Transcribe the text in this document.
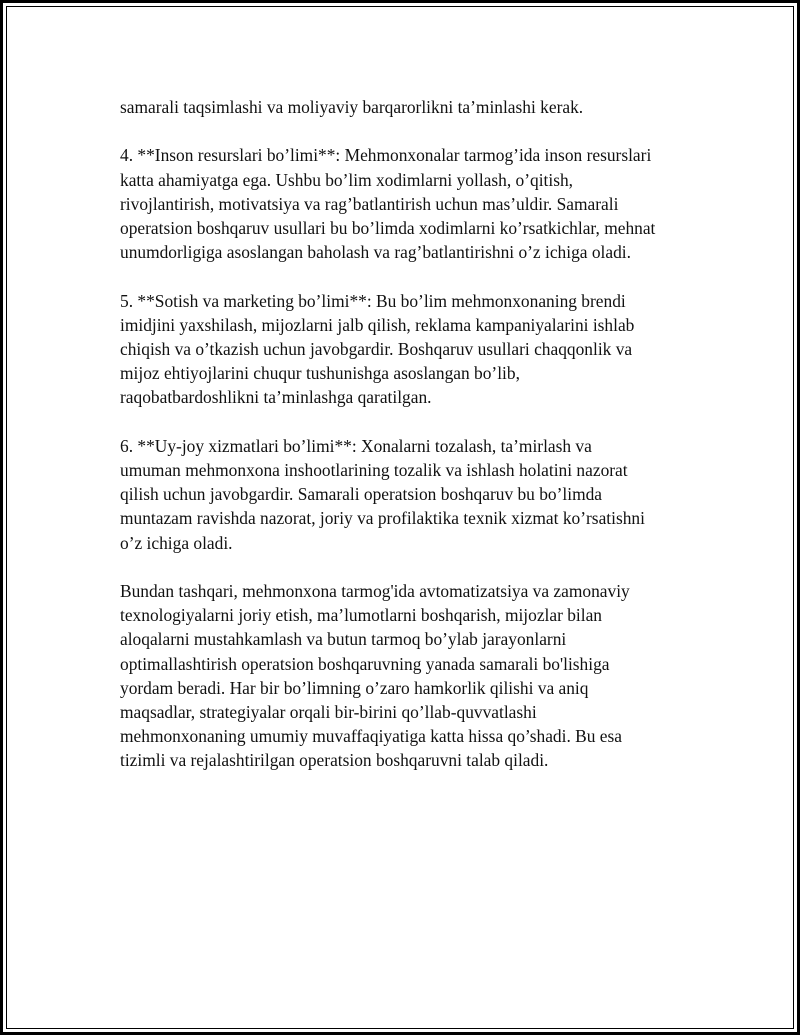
samarali taqsimlashi va moliyaviy barqarorlikni ta’minlashi kerak.

4. **Inson resurslari bo’limi**: Mehmonxonalar tarmog’ida inson resurslari
katta ahamiyatga ega. Ushbu bo’lim xodimlarni yollash, o’qitish,
rivojlantirish, motivatsiya va rag’batlantirish uchun mas’uldir. Samarali
operatsion boshqaruv usullari bu bo’limda xodimlarni ko’rsatkichlar, mehnat
unumdorligiga asoslangan baholash va rag’batlantirishni o’z ichiga oladi.

5. **Sotish va marketing bo’limi**: Bu bo’lim mehmonxonaning brendi
imidjini yaxshilash, mijozlarni jalb qilish, reklama kampaniyalarini ishlab
chiqish va o’tkazish uchun javobgardir. Boshqaruv usullari chaqqonlik va
mijoz ehtiyojlarini chuqur tushunishga asoslangan bo’lib,
raqobatbardoshlikni ta’minlashga qaratilgan.

6. **Uy-joy xizmatlari bo’limi**: Xonalarni tozalash, ta’mirlash va
umuman mehmonxona inshootlarining tozalik va ishlash holatini nazorat
qilish uchun javobgardir. Samarali operatsion boshqaruv bu bo’limda
muntazam ravishda nazorat, joriy va profilaktika texnik xizmat ko’rsatishni
o’z ichiga oladi.

Bundan tashqari, mehmonxona tarmog'ida avtomatizatsiya va zamonaviy
texnologiyalarni joriy etish, ma’lumotlarni boshqarish, mijozlar bilan
aloqalarni mustahkamlash va butun tarmoq bo’ylab jarayonlarni
optimallashtirish operatsion boshqaruvning yanada samarali bo'lishiga
yordam beradi. Har bir bo’limning o’zaro hamkorlik qilishi va aniq
maqsadlar, strategiyalar orqali bir-birini qo’llab-quvvatlashi
mehmonxonaning umumiy muvaffaqiyatiga katta hissa qo’shadi. Bu esa
tizimli va rejalashtirilgan operatsion boshqaruvni talab qiladi.
